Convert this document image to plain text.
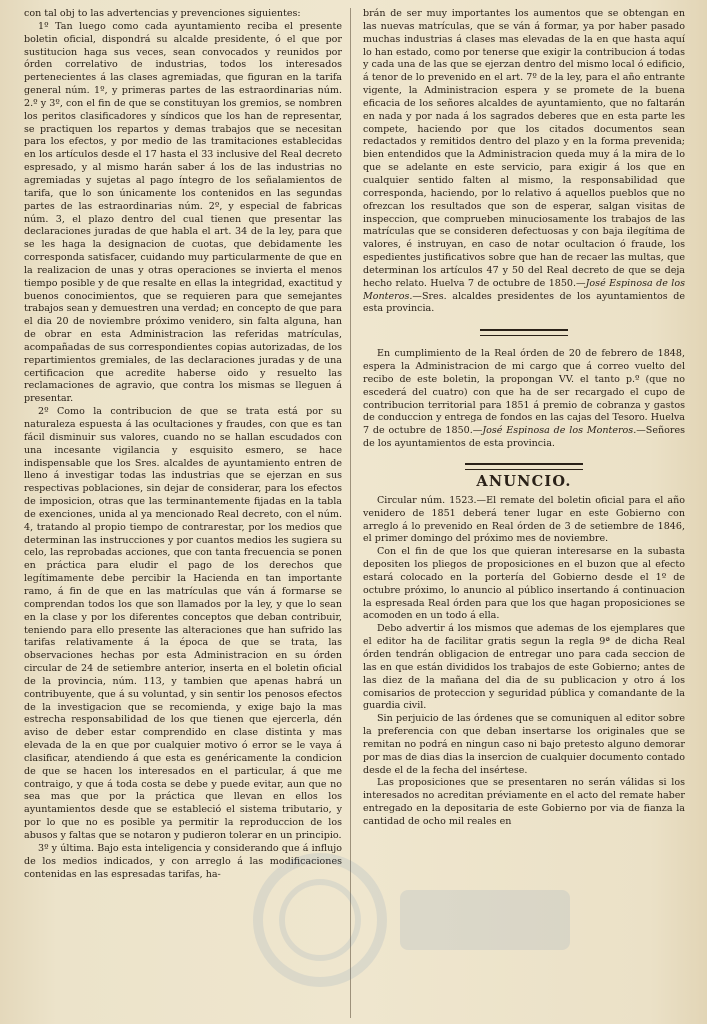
con tal obj to las advertencias y prevenciones siguientes:

1º Tan luego como cada ayuntamiento reciba el presente boletin oficial, dispondrá su alcalde presidente, ó el que por sustitucion haga sus veces, sean convocados y reunidos por órden correlativo de industrias, todos los interesados pertenecientes á las clases agremiadas, que figuran en la tarifa general núm. 1º, y primeras partes de las estraordinarias núm. 2.º y 3º, con el fin de que se constituyan los gremios, se nombren los peritos clasificadores y síndicos que los han de representar, se practiquen los repartos y demas trabajos que se necesitan para los efectos, y por medio de las tramitaciones establecidas en los artículos desde el 17 hasta el 33 inclusive del Real decreto espresado, y al mismo harán saber á los de las industrias no agremiadas y sujetas al pago íntegro de los señalamientos de tarifa, que lo son únicamente los contenidos en las segundas partes de las estraordinarias núm. 2º, y especial de fabricas núm. 3, el plazo dentro del cual tienen que presentar las declaraciones juradas de que habla el art. 34 de la ley, para que se les haga la designacion de cuotas, que debidamente les corresponda satisfacer, cuidando muy particularmente de que en la realizacion de unas y otras operaciones se invierta el menos tiempo posible y de que resalte en ellas la integridad, exactitud y buenos conocimientos, que se requieren para que semejantes trabajos sean y demuestren una verdad; en concepto de que para el dia 20 de noviembre próximo venidero, sin falta alguna, han de obrar en esta Administracion las referidas matrículas, acompañadas de sus correspondientes copias autorizadas, de los repartimientos gremiales, de las declaraciones juradas y de una certificacion que acredite haberse oido y resuelto las reclamaciones de agravio, que contra los mismas se lleguen á presentar.

2º Como la contribucion de que se trata está por su naturaleza espuesta á las ocultaciones y fraudes, con que es tan fácil disminuir sus valores, cuando no se hallan escudados con una incesante vigilancia y esquisito esmero, se hace indispensable que los Sres. alcaldes de ayuntamiento entren de lleno á investigar todas las industrias que se ejerzan en sus respectivas poblaciones, sin dejar de considerar, para los efectos de imposicion, otras que las terminantemente fijadas en la tabla de exenciones, unida al ya mencionado Real decreto, con el núm. 4, tratando al propio tiempo de contrarestar, por los medios que determinan las instrucciones y por cuantos medios les sugiera su celo, las reprobadas acciones, que con tanta frecuencia se ponen en práctica para eludir el pago de los derechos que legítimamente debe percibir la Hacienda en tan importante ramo, á fin de que en las matrículas que ván á formarse se comprendan todos los que son llamados por la ley, y que lo sean en la clase y por los diferentes conceptos que deban contribuir, teniendo para ello presente las alteraciones que han sufrido las tarifas relativamente á la época de que se trata, las observaciones hechas por esta Administracion en su órden circular de 24 de setiembre anterior, inserta en el boletin oficial de la provincia, núm. 113, y tambien que apenas habrá un contribuyente, que á su voluntad, y sin sentir los penosos efectos de la investigacion que se recomienda, y exige bajo la mas estrecha responsabilidad de los que tienen que ejercerla, dén aviso de deber estar comprendido en clase distinta y mas elevada de la en que por cualquier motivo ó error se le vaya á clasificar, atendiendo á que esta es genéricamente la condicion de que se hacen los interesados en el particular, á que me contraigo, y que á toda costa se debe y puede evitar, aun que no sea mas que por la práctica que llevan en ellos los ayuntamientos desde que se estableció el sistema tributario, y por lo que no es posible ya permitir la reproduccion de los abusos y faltas que se notaron y pudieron tolerar en un principio.

3º y última. Bajo esta inteligencia y considerando que á influjo de los medios indicados, y con arreglo á las modificaciones contenidas en las espresadas tarifas, ha-

brán de ser muy importantes los aumentos que se obtengan en las nuevas matrículas, que se ván á formar, ya por haber pasado muchas industrias á clases mas elevadas de la en que hasta aquí lo han estado, como por tenerse que exigir la contribucion á todas y cada una de las que se ejerzan dentro del mismo local ó edificio, á tenor de lo prevenido en el art. 7º de la ley, para el año entrante vigente, la Administracion espera y se promete de la buena eficacia de los señores alcaldes de ayuntamiento, que no faltarán en nada y por nada á los sagrados deberes que en esta parte les compete, haciendo por que los citados documentos sean redactados y remitidos dentro del plazo y en la forma prevenida; bien entendidos que la Administracion queda muy á la mira de lo que se adelante en este servicio, para exigir á los que en cualquier sentido falten al mismo, la responsabilidad que corresponda, haciendo, por lo relativo á aquellos pueblos que no ofrezcan los resultados que son de esperar, salgan visitas de inspeccion, que comprueben minuciosamente los trabajos de las matrículas que se consideren defectuosas y con baja ilegítima de valores, é instruyan, en caso de notar ocultacion ó fraude, los espedientes justificativos sobre que han de recaer las multas, que determinan los artículos 47 y 50 del Real decreto de que se deja hecho relato. Huelva 7 de octubre de 1850.—José Espinosa de los Monteros.—Sres. alcaldes presidentes de los ayuntamientos de esta provincia.

En cumplimiento de la Real órden de 20 de febrero de 1848, espera la Administracion de mi cargo que á correo vuelto del recibo de este boletin, la propongan VV. el tanto p.º (que no escederá del cuatro) con que ha de ser recargado el cupo de contribucion territorial para 1851 á premio de cobranza y gastos de conduccion y entrega de fondos en las cajas del Tesoro. Huelva 7 de octubre de 1850.—José Espinosa de los Monteros.—Señores de los ayuntamientos de esta provincia.

ANUNCIO.

Circular núm. 1523.—El remate del boletin oficial para el año venidero de 1851 deberá tener lugar en este Gobierno con arreglo á lo prevenido en Real órden de 3 de setiembre de 1846, el primer domingo del próximo mes de noviembre.

Con el fin de que los que quieran interesarse en la subasta depositen los pliegos de proposiciones en el buzon que al efecto estará colocado en la portería del Gobierno desde el 1º de octubre próximo, lo anuncio al público insertando á continuacion la espresada Real órden para que los que hagan proposiciones se acomoden en un todo á ella.

Debo advertir á los mismos que ademas de los ejemplares que el editor ha de facilitar gratis segun la regla 9ª de dicha Real órden tendrán obligacion de entregar uno para cada seccion de las en que están divididos los trabajos de este Gobierno; antes de las diez de la mañana del dia de su publicacion y otro á los comisarios de proteccion y seguridad pública y comandante de la guardia civil.

Sin perjuicio de las órdenes que se comuniquen al editor sobre la preferencia con que deban insertarse los originales que se remitan no podrá en ningun caso ni bajo pretesto alguno demorar por mas de dias dias la insercion de cualquier documento contado desde el de la fecha del insértese.

Las proposiciones que se presentaren no serán válidas si los interesados no acreditan préviamente en el acto del remate haber entregado en la depositaria de este Gobierno por via de fianza la cantidad de ocho mil reales en
